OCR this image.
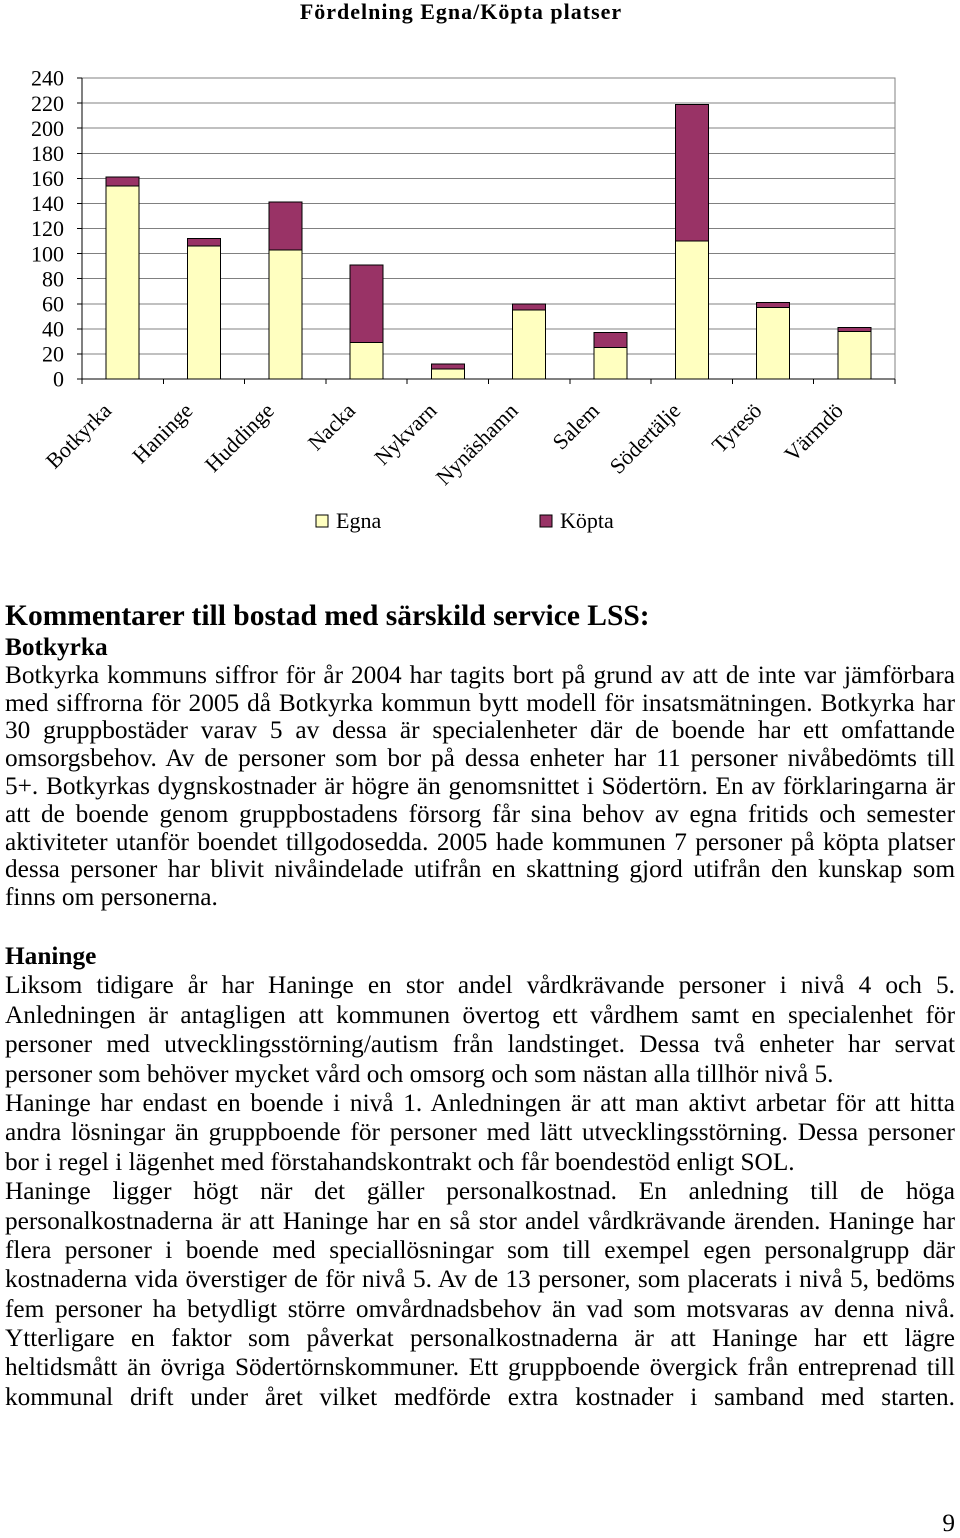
Fördelning Egna/Köpta platser
0
20
40
60
80
100
120
140
160
180
200
220
240
Botkyrka Haninge Huddinge Nacka Nykvarn
Nynäshamn Salem Södertälje Tyresö Värmdö
Egna	Köpta
Kommentarer till bostad med särskild service LSS:
Botkyrka
Botkyrka kommuns siffror för år 2004 har tagits bort på grund av att de inte var jämförbara
med siffrorna för 2005 då Botkyrka kommun bytt modell för insatsmätningen. Botkyrka har
30 gruppbostäder varav 5 av dessa är specialenheter där de boende har ett omfattande
omsorgsbehov. Av de personer som bor på dessa enheter har 11 personer nivåbedömts till
5+. Botkyrkas dygnskostnader är högre än genomsnittet i Södertörn. En av förklaringarna är
att de boende genom gruppbostadens försorg får sina behov av egna fritids och semester
aktiviteter utanför boendet tillgodosedda. 2005 hade kommunen 7 personer på köpta platser
dessa personer har blivit nivåindelade utifrån en skattning gjord utifrån den kunskap som
finns om personerna.
Haninge
Liksom tidigare år har Haninge en stor andel vårdkrävande personer i nivå 4 och 5.
Anledningen är antagligen att kommunen övertog ett vårdhem samt en specialenhet för
personer med utvecklingsstörning/autism från landstinget. Dessa två enheter har servat
personer som behöver mycket vård och omsorg och som nästan alla tillhör nivå 5.
Haninge har endast en boende i nivå 1. Anledningen är att man aktivt arbetar för att hitta
andra lösningar än gruppboende för personer med lätt utvecklingsstörning. Dessa personer
bor i regel i lägenhet med förstahandskontrakt och får boendestöd enligt SOL.
Haninge ligger högt när det gäller personalkostnad. En anledning till de höga
personalkostnaderna är att Haninge har en så stor andel vårdkrävande ärenden. Haninge har
flera personer i boende med speciallösningar som till exempel egen personalgrupp där
kostnaderna vida överstiger de för nivå 5. Av de 13 personer, som placerats i nivå 5, bedöms
fem personer ha betydligt större omvårdnadsbehov än vad som motsvaras av denna nivå.
Ytterligare en faktor som påverkat personalkostnaderna är att Haninge har ett lägre
heltidsmått än övriga Södertörnskommuner. Ett gruppboende övergick från entreprenad till
kommunal drift under året vilket medförde extra kostnader i samband med starten.
9
